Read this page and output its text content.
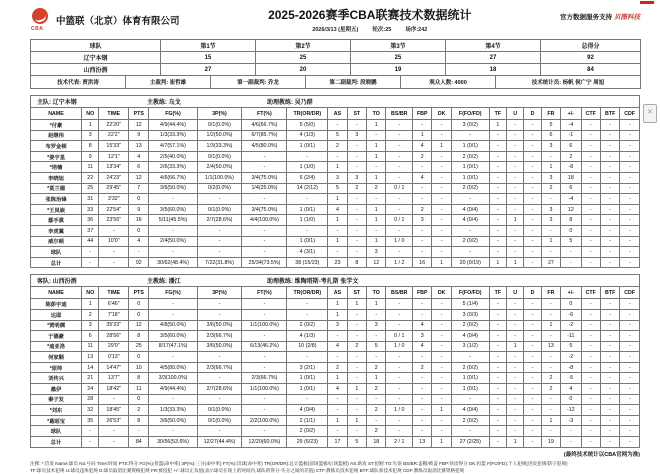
✕
CBA
中篮联（北京）体育有限公司	2025-2026赛季CBA联赛技术数据统计
2026/3/13 (星期五)	轮次:25	场序:242
官方数据服务支持 贝图科技
球队	第1节	第2节	第3节	第4节	总得分
辽宁本钢	15	25	25	27	92
山西汾酒	27	20	19	18	84
技术代表: 贾洪涛	主裁判: 崔哲雄	第一副裁判: 乔龙	第二副裁判: 段晓鹏	观众人数: 4000	技术统计员: 杨帆 侯广宁 周旭
主队: 辽宁本钢	主教练: 乌戈	助理教练: 吴乃群
NAME	NO	TIME	PTS	FG(%)	3P(%)	FT(%)	TR(OR/DR)	AS	ST	TO	BS/BR	FBP	DK	F(FO/FD)	TF	U	D	FR	+/-	CTF	BTF	CDF
*付豪	1	22'20"	12	4/9(44.4%)	0/1(0.0%)	4/6(66.7%)	5 (5/0)	-	-	1	-	-	-	3 (0/2)	1	-	-	5	-4	-	-	-
赵继伟	3	22'2"	9	1/3(33.3%)	1/2(50.0%)	6/7(85.7%)	4 (1/3)	5	3	-	-	1	-	-	-	-	-	6	-1	-	-	-
布罗金顿	8	15'33"	13	4/7(57.1%)	1/3(33.3%)	4/5(80.0%)	1 (0/1)	2	-	1	-	4	1	1 (0/1)	-	-	-	3	6	-	-	-
*姜宇星	9	12'1"	4	2/5(40.0%)	0/1(0.0%)	-	-	-	-	1	-	2	-	2 (0/2)	-	-	-	-	2	-	-	-
*培楠	11	13'34"	6	2/6(33.3%)	2/4(50.0%)	-	1 (1/0)	1	-	-	-	-	-	1 (0/1)	-	-	-	1	-8	-	-	-
李晓旭	22	24'23"	12	4/6(66.7%)	1/1(100.0%)	3/4(75.0%)	6 (2/4)	3	3	1	-	4	-	1 (0/1)	-	-	-	3	18	-	-	-
*莫兰德	25	29'45"	7	3/6(50.0%)	0/2(0.0%)	1/4(25.0%)	14 (2/12)	5	2	2	0 / 1	-	-	2 (0/2)	-	-	-	2	6	-	-	-
张陈治锋	31	3'32"	0	-	-	-	-	1	-	-	-	-	-	-	-	-	-	-	-4	-	-	-
*王岚嵚	33	22'54"	9	3/5(60.0%)	0/1(0.0%)	3/4(75.0%)	1 (0/1)	4	-	1	-	2	-	4 (0/4)	-	-	-	3	12	-	-	-
鄢手骐	36	23'56"	16	5/11(45.5%)	2/7(28.6%)	4/4(100.0%)	1 (1/0)	1	-	1	0 / 1	3	-	4 (0/4)	-	1	-	3	8	-	-	-
李虎翼	37	-	0	-	-	-	-	-	-	-	-	-	-	-	-	-	-	-	0	-	-	-
威尔顿	44	10'0"	4	2/4(50.0%)	-	-	1 (0/1)	1	-	1	1 / 0	-	-	2 (0/2)	-	-	-	1	5	-	-	-
球队	-	-	-	-	-	-	4 (3/1)	-	-	3	-	-	-	-	-	-	-	-	-	-	-	-
总计	-	-	92	30/62(48.4%)	7/22(31.8%)	25/34(73.5%)	38 (15/23)	23	8	12	1 / 2	16	1	20 (0/19)	1	1	-	27	-	-	-	-
客队: 山西汾酒	主教练: 潘江	助理教练: 维陶塔斯-考扎斯 张学文
NAME	NO	TIME	PTS	FG(%)	3P(%)	FT(%)	TR(OR/DR)	AS	ST	TO	BS/BR	FBP	DK	F(FO/FD)	TF	U	D	FR	+/-	CTF	BTF	CDF
陈彭宇迪	1	6'46"	0	-	-	-	-	1	1	1	-	-	-	5 (1/4)	-	-	-	-	0	-	-	-
达耶	2	7'18"	0	-	-	-	-	1	-	-	-	-	-	3 (0/3)	-	-	-	-	-6	-	-	-
*贾明儒	3	35'33"	12	4/8(50.0%)	3/6(50.0%)	1/1(100.0%)	2 (0/2)	3	-	3	-	4	-	2 (0/2)	-	-	-	1	-2	-	-	-
于德豪	6	28'56"	8	3/5(60.0%)	2/3(66.7%)	-	4 (1/3)	-	-	-	0 / 1	3	-	4 (0/4)	-	-	-	-	-11	-	-	-
*迪亚洛	11	29'0"	25	8/17(47.1%)	3/6(50.0%)	6/13(46.2%)	10 (2/8)	4	2	5	1 / 0	4	-	3 (1/2)	-	1	-	13	5	-	-	-
何家顺	13	0'13"	0	-	-	-	-	-	-	-	-	-	-	-	-	-	-	-	-2	-	-	-
*原帅	14	14'47"	10	4/5(80.0%)	2/3(66.7%)	-	3 (2/1)	2	-	2	-	2	-	2 (0/2)	-	-	-	-	-8	-	-	-
刘传兴	21	13'7"	8	3/3(100.0%)	-	2/3(66.7%)	1 (0/1)	1	-	1	-	-	-	1 (0/1)	-	-	-	2	-5	-	-	-
墨伊	24	18'42"	11	4/9(44.4%)	2/7(28.6%)	1/1(100.0%)	1 (0/1)	4	1	2	-	-	-	1 (0/1)	-	-	-	2	4	-	-	-
秦子发	28	-	0	-	-	-	-	-	-	-	-	-	-	-	-	-	-	-	0	-	-	-
*刘东	32	18'45"	2	1/3(33.3%)	0/1(0.0%)	-	4 (0/4)	-	-	2	1 / 0	-	1	4 (0/4)	-	-	-	-	-12	-	-	-
*葛昭宝	35	26'53"	8	3/6(50.0%)	0/1(0.0%)	2/2(100.0%)	2 (1/1)	1	1	-	-	-	-	2 (0/2)	-	-	-	1	-3	-	-	-
球队	-	-	-	-	-	-	2 (0/2)	-	-	2	-	-	-	-	-	-	-	-	-	-	-	-
总计	-	-	84	30/56(53.6%)	12/27(44.4%)	12/20(60.0%)	29 (6/23)	17	5	18	2 / 1	13	1	27 (2/25)	-	1	-	19	-	-	-	-
(最终技术统计以CBA官网为准)
注释: *:首发 Name:球员 No:号码 Time:时间 PTS:得分 FG(%):投篮(命中率) 3P(%):三分(命中率) FT(%):罚球(命中率) TR(OR/DR):总计篮板(前场篮板/后场篮板) AS:助攻 ST:抢断 TO:失误 BS/BR:盖帽/被盖 FBP:快攻得分 DK:扣篮 F(FO/FD):个人犯规(进攻犯规/防守犯规)
TF:球员技术犯规 U:球员违体犯规 D:球员取消比赛资格犯规 FR:被侵犯 +/-:球员正负值(表示球员在场上的时间内,球队的得分-失分之间的差值) CTF:教练员技术犯规 BTF:球队席技术犯规 CDF:教练员取消比赛资格犯规
